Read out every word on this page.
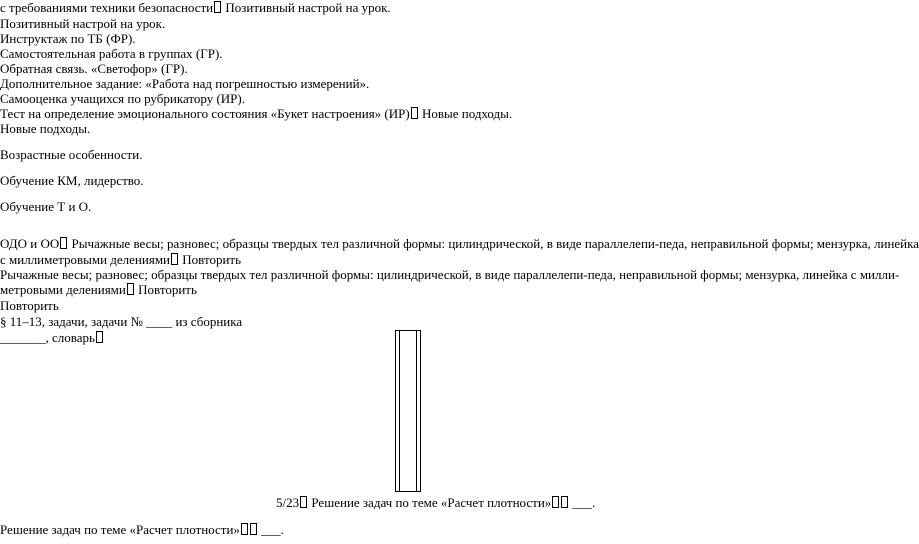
с требованиями техники безопасности Позитивный настрой на урок.
Позитивный настрой на урок.
Инструктаж по ТБ (ФР).
Самостоятельная работа в группах (ГР).
Обратная связь. «Светофор» (ГР).
Дополнительное задание: «Работа над погрешностью измерений».
Самооценка учащихся по рубрикатору (ИР).
Тест на определение эмоционального состояния «Букет настроения» (ИР) Новые подходы.
Новые подходы.
Возрастные особенности.
Обучение КМ, лидерство.
Обучение Т и О.
ОДО и ОО Рычажные весы; разновес; образцы твердых тел различной формы: цилиндрической, в виде параллелепи-педа, неправильной формы; мензурка, линейка
с миллиметровыми делениями Повторить
Рычажные весы; разновес; образцы твердых тел различной формы: цилиндрической, в виде параллелепи-педа, неправильной формы; мензурка, линейка с милли-
метровыми делениями Повторить
Повторить
§ 11–13, задачи, задачи № ____ из сборника
_______, словарь
5/23 Решение задач по теме «Расчет плотности» ___.
Решение задач по теме «Расчет плотности» ___.
